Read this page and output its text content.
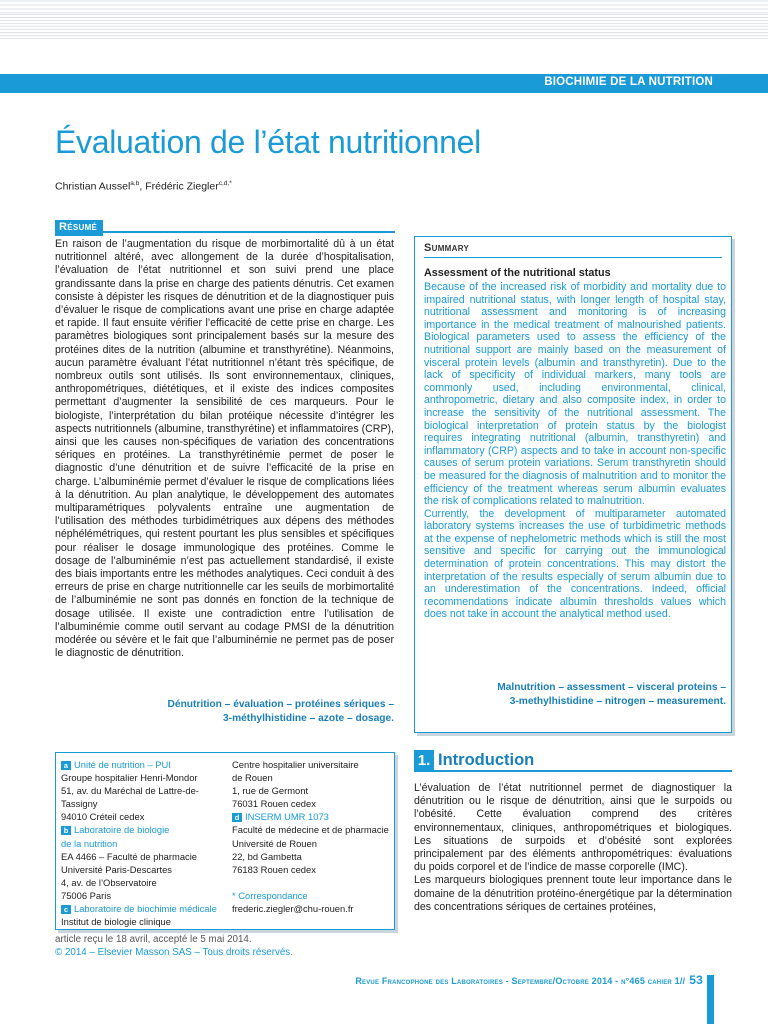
BIOCHIMIE DE LA NUTRITION
Évaluation de l’état nutritionnel
Christian Aussel$^{a,b}$, Frédéric Ziegler$^{c,d,*}$
Résumé

En raison de l’augmentation du risque de morbimortalité dû à un état nutritionnel altéré, avec allongement de la durée d’hospitalisation, l’évaluation de l’état nutritionnel et son suivi prend une place grandissante dans la prise en charge des patients dénutris. Cet examen consiste à dépister les risques de dénutrition et de la diagnostiquer puis d’évaluer le risque de complications avant une prise en charge adaptée et rapide. Il faut ensuite vérifier l’efficacité de cette prise en charge. Les paramètres biologiques sont principalement basés sur la mesure des protéines dites de la nutrition (albumine et transthyrétine). Néanmoins, aucun paramètre évaluant l’état nutritionnel n’étant très spécifique, de nombreux outils sont utilisés. Ils sont environnementaux, cliniques, anthropométriques, diététiques, et il existe des indices composites permettant d’augmenter la sensibilité de ces marqueurs. Pour le biologiste, l’interprétation du bilan protéique nécessite d’intégrer les aspects nutritionnels (albumine, transthyrétine) et inflammatoires (CRP), ainsi que les causes non-spécifiques de variation des concentrations sériques en protéines. La transthyrétinémie permet de poser le diagnostic d’une dénutrition et de suivre l’efficacité de la prise en charge. L’albuminémie permet d’évaluer le risque de complications liées à la dénutrition. Au plan analytique, le développement des automates multiparamétriques polyvalents entraîne une augmentation de l’utilisation des méthodes turbidimétriques aux dépens des méthodes néphélémétriques, qui restent pourtant les plus sensibles et spécifiques pour réaliser le dosage immunologique des protéines. Comme le dosage de l’albuminémie n’est pas actuellement standardisé, il existe des biais importants entre les méthodes analytiques. Ceci conduit à des erreurs de prise en charge nutritionnelle car les seuils de morbimortalité de l’albuminémie ne sont pas donnés en fonction de la technique de dosage utilisée. Il existe une contradiction entre l’utilisation de l’albuminémie comme outil servant au codage PMSI de la dénutrition modérée ou sévère et le fait que l’albuminémie ne permet pas de poser le diagnostic de dénutrition.

Dénutrition – évaluation – protéines sériques –
3-méthylhistidine – azote – dosage.
Summary
Assessment of the nutritional status

Because of the increased risk of morbidity and mortality due to impaired nutritional status, with longer length of hospital stay, nutritional assessment and monitoring is of increasing importance in the medical treatment of malnourished patients. Biological parameters used to assess the efficiency of the nutritional support are mainly based on the measurement of visceral protein levels (albumin and transthyretin). Due to the lack of specificity of individual markers, many tools are commonly used, including environmental, clinical, anthropometric, dietary and also composite index, in order to increase the sensitivity of the nutritional assessment. The biological interpretation of protein status by the biologist requires integrating nutritional (albumin, transthyretin) and inflammatory (CRP) aspects and to take in account non-specific causes of serum protein variations. Serum transthyretin should be measured for the diagnosis of malnutrition and to monitor the efficiency of the treatment whereas serum albumin evaluates the risk of complications related to malnutrition.

Currently, the development of multiparameter automated laboratory systems increases the use of turbidimetric methods at the expense of nephelometric methods which is still the most sensitive and specific for carrying out the immunological determination of protein concentrations. This may distort the interpretation of the results especially of serum albumin due to an underestimation of the concentrations. Indeed, official recommendations indicate albumin thresholds values which does not take in account the analytical method used.

Malnutrition – assessment – visceral proteins –
3-methylhistidine – nitrogen – measurement.
a Unité de nutrition – PUI
Groupe hospitalier Henri-Mondor
51, av. du Maréchal de Lattre-de-Tassigny
94010 Créteil cedex
b Laboratoire de biologie
de la nutrition
EA 4466 – Faculté de pharmacie
Université Paris-Descartes
4, av. de l’Observatoire
75006 Paris
c Laboratoire de biochimie médicale
Institut de biologie clinique
Centre hospitalier universitaire
de Rouen
1, rue de Germont
76031 Rouen cedex
d INSERM UMR 1073
Faculté de médecine et de pharmacie
Université de Rouen
22, bd Gambetta
76183 Rouen cedex

* Correspondance
frederic.ziegler@chu-rouen.fr
article reçu le 18 avril, accepté le 5 mai 2014.
© 2014 – Elsevier Masson SAS – Tous droits réservés.
1. Introduction

L’évaluation de l’état nutritionnel permet de diagnostiquer la dénutrition ou le risque de dénutrition, ainsi que le surpoids ou l’obésité. Cette évaluation comprend des critères environnementaux, cliniques, anthropométriques et biologiques. Les situations de surpoids et d’obésité sont explorées principalement par des éléments anthropométriques: évaluations du poids corporel et de l’indice de masse corporelle (IMC).

Les marqueurs biologiques prennent toute leur importance dans le domaine de la dénutrition protéino-énergétique par la détermination des concentrations sériques de certaines protéines,

Revue Francophone des Laboratoires - Septembre/Octobre 2014 - n°465 cahier 1// 53
